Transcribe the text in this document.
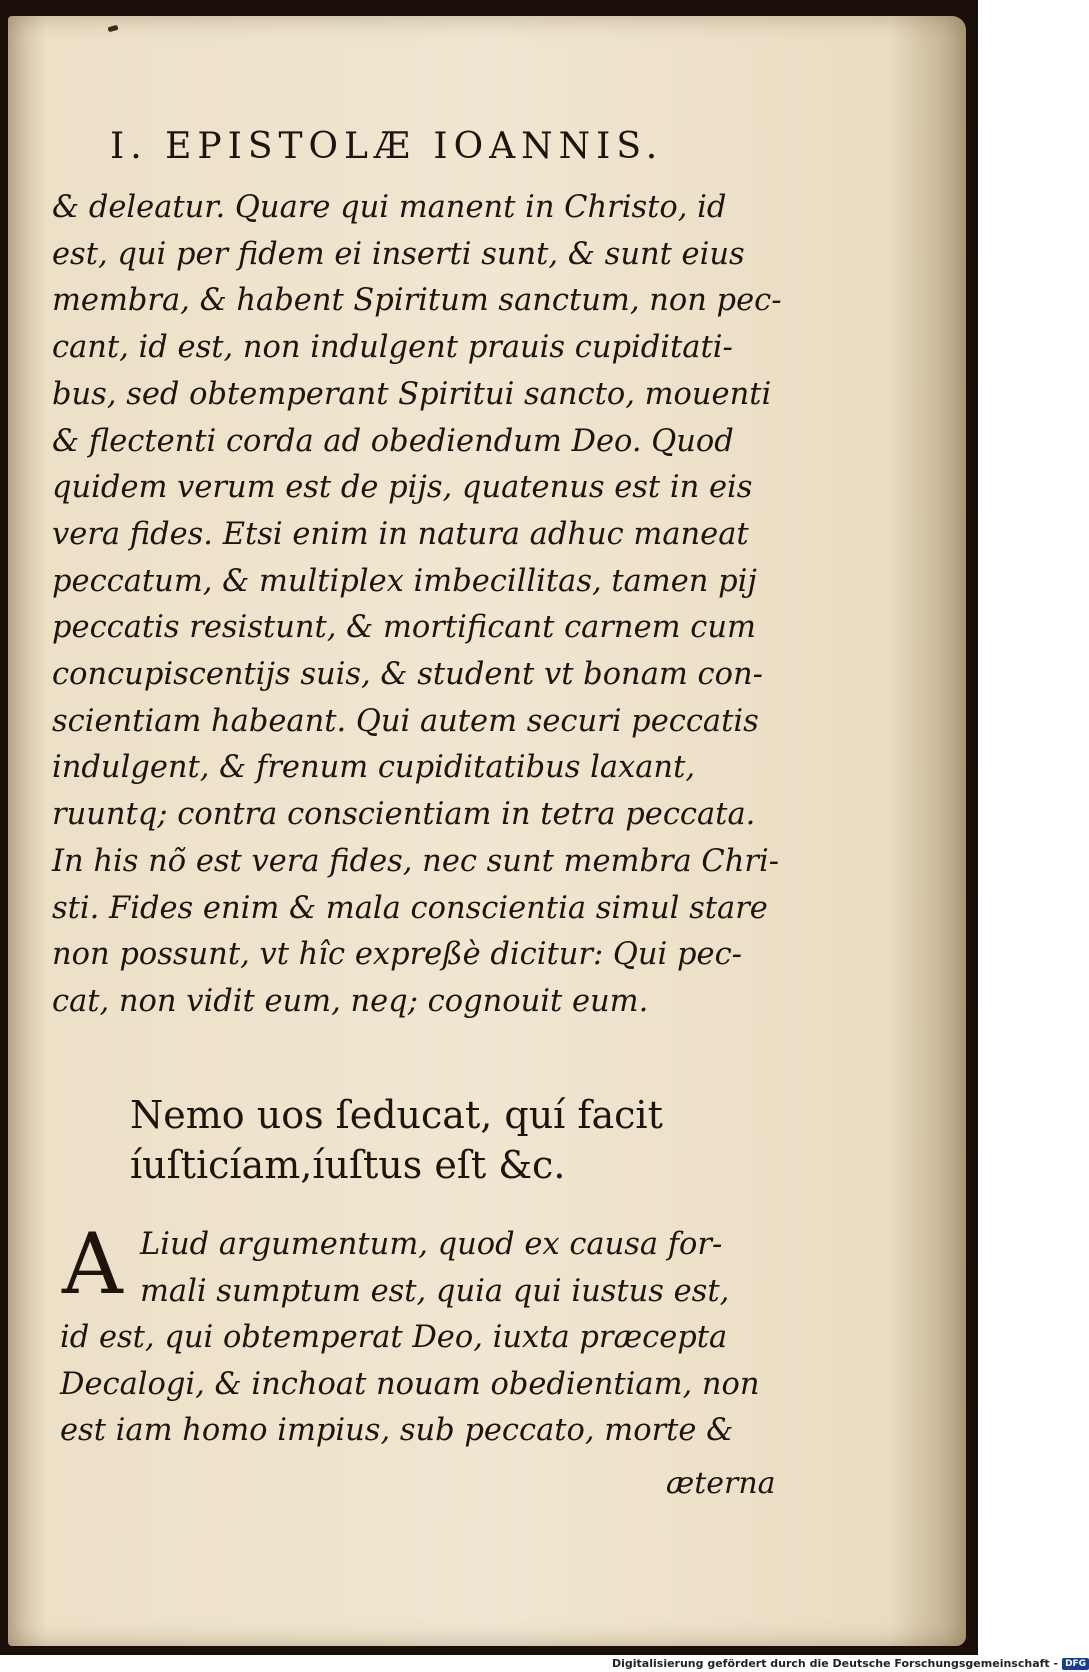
I. EPISTOLÆ IOANNIS.
& deleatur. Quare qui manent in Christo, id
est, qui per fidem ei inserti sunt, & sunt eius
membra, & habent Spiritum sanctum, non pec-
cant, id est, non indulgent prauis cupiditati-
bus, sed obtemperant Spiritui sancto, mouenti
& flectenti corda ad obediendum Deo. Quod
quidem verum est de pijs, quatenus est in eis
vera fides. Etsi enim in natura adhuc maneat
peccatum, & multiplex imbecillitas, tamen pij
peccatis resistunt, & mortificant carnem cum
concupiscentijs suis, & student vt bonam con-
scientiam habeant. Qui autem securi peccatis
indulgent, & frenum cupiditatibus laxant,
ruuntq; contra conscientiam in tetra peccata.
In his nõ est vera fides, nec sunt membra Chri-
sti. Fides enim & mala conscientia simul stare
non possunt, vt hîc expreßè dicitur: Qui pec-
cat, non vidit eum, neq; cognouit eum.
Nemo uos ſeducat, quí facit
íuſticíam,íuſtus eſt &c.
A Liud argumentum, quod ex causa for-
mali sumptum est, quia qui iustus est,
id est, qui obtemperat Deo, iuxta præcepta
Decalogi, & inchoat nouam obedientiam, non
est iam homo impius, sub peccato, morte &
æterna
Digitalisierung gefördert durch die Deutsche Forschungsgemeinschaft - DFG
